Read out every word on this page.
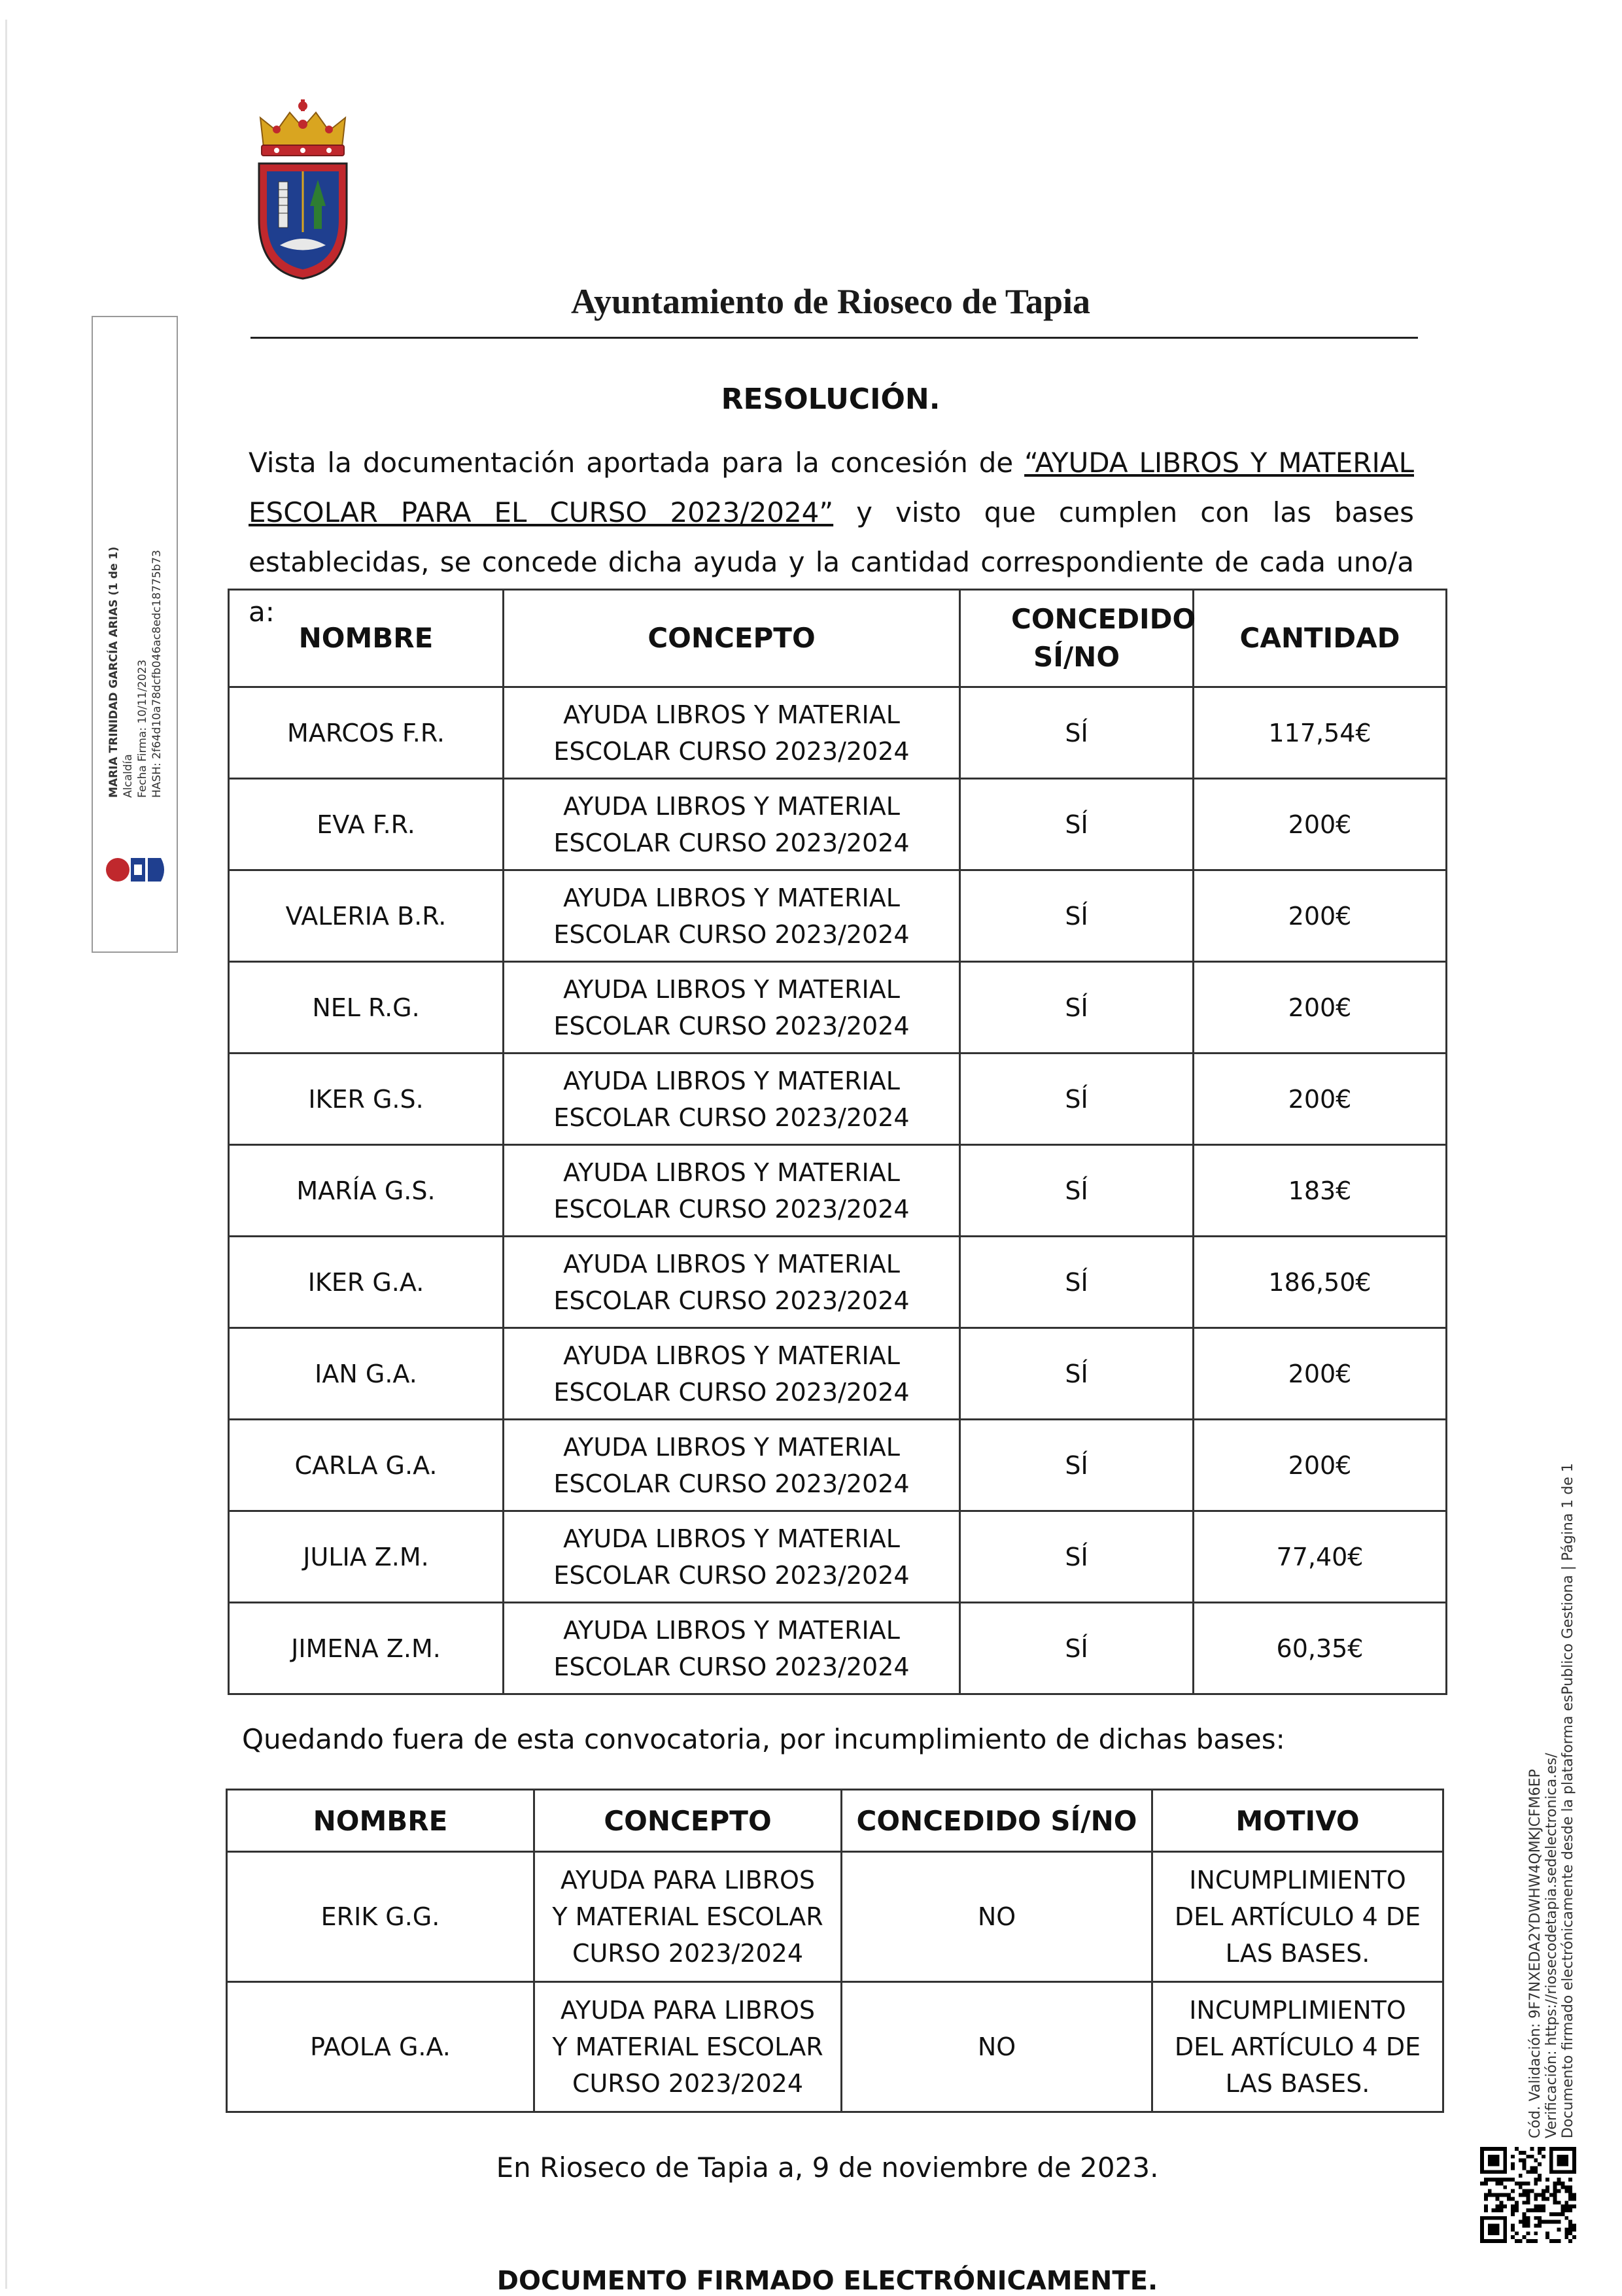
Ayuntamiento de Rioseco de Tapia
RESOLUCIÓN.
Vista la documentación aportada para la concesión de “AYUDA LIBROS Y MATERIAL ESCOLAR PARA EL CURSO 2023/2024” y visto que cumplen con las bases establecidas, se concede dicha ayuda y la cantidad correspondiente de cada uno/a a:
NOMBRE	CONCEPTO	CONCEDIDO SÍ/NO	CANTIDAD
MARCOS F.R.	AYUDA LIBROS Y MATERIAL ESCOLAR CURSO 2023/2024	SÍ	117,54€
EVA F.R.	AYUDA LIBROS Y MATERIAL ESCOLAR CURSO 2023/2024	SÍ	200€
VALERIA B.R.	AYUDA LIBROS Y MATERIAL ESCOLAR CURSO 2023/2024	SÍ	200€
NEL R.G.	AYUDA LIBROS Y MATERIAL ESCOLAR CURSO 2023/2024	SÍ	200€
IKER G.S.	AYUDA LIBROS Y MATERIAL ESCOLAR CURSO 2023/2024	SÍ	200€
MARÍA G.S.	AYUDA LIBROS Y MATERIAL ESCOLAR CURSO 2023/2024	SÍ	183€
IKER G.A.	AYUDA LIBROS Y MATERIAL ESCOLAR CURSO 2023/2024	SÍ	186,50€
IAN G.A.	AYUDA LIBROS Y MATERIAL ESCOLAR CURSO 2023/2024	SÍ	200€
CARLA G.A.	AYUDA LIBROS Y MATERIAL ESCOLAR CURSO 2023/2024	SÍ	200€
JULIA Z.M.	AYUDA LIBROS Y MATERIAL ESCOLAR CURSO 2023/2024	SÍ	77,40€
JIMENA Z.M.	AYUDA LIBROS Y MATERIAL ESCOLAR CURSO 2023/2024	SÍ	60,35€
Quedando fuera de esta convocatoria, por incumplimiento de dichas bases:
NOMBRE	CONCEPTO	CONCEDIDO SÍ/NO	MOTIVO
ERIK G.G.	AYUDA PARA LIBROS Y MATERIAL ESCOLAR CURSO 2023/2024	NO	INCUMPLIMIENTO DEL ARTÍCULO 4 DE LAS BASES.

PAOLA G.A.	AYUDA PARA LIBROS Y MATERIAL ESCOLAR CURSO 2023/2024	NO	INCUMPLIMIENTO DEL ARTÍCULO 4 DE LAS BASES.
En Rioseco de Tapia a, 9 de noviembre de 2023.
DOCUMENTO FIRMADO ELECTRÓNICAMENTE.
MARIA TRINIDAD GARCÍA ARIAS (1 de 1) Alcaldía Fecha Firma: 10/11/2023 HASH: 2f64d10a78dcfb046ac8edc18775b73
Cód. Validación: 9F7NXEDA2YDWHW4QMKJCFM6EP Verificación: https://riosecodetapia.sedelectronica.es/ Documento firmado electrónicamente desde la plataforma esPublico Gestiona | Página 1 de 1
